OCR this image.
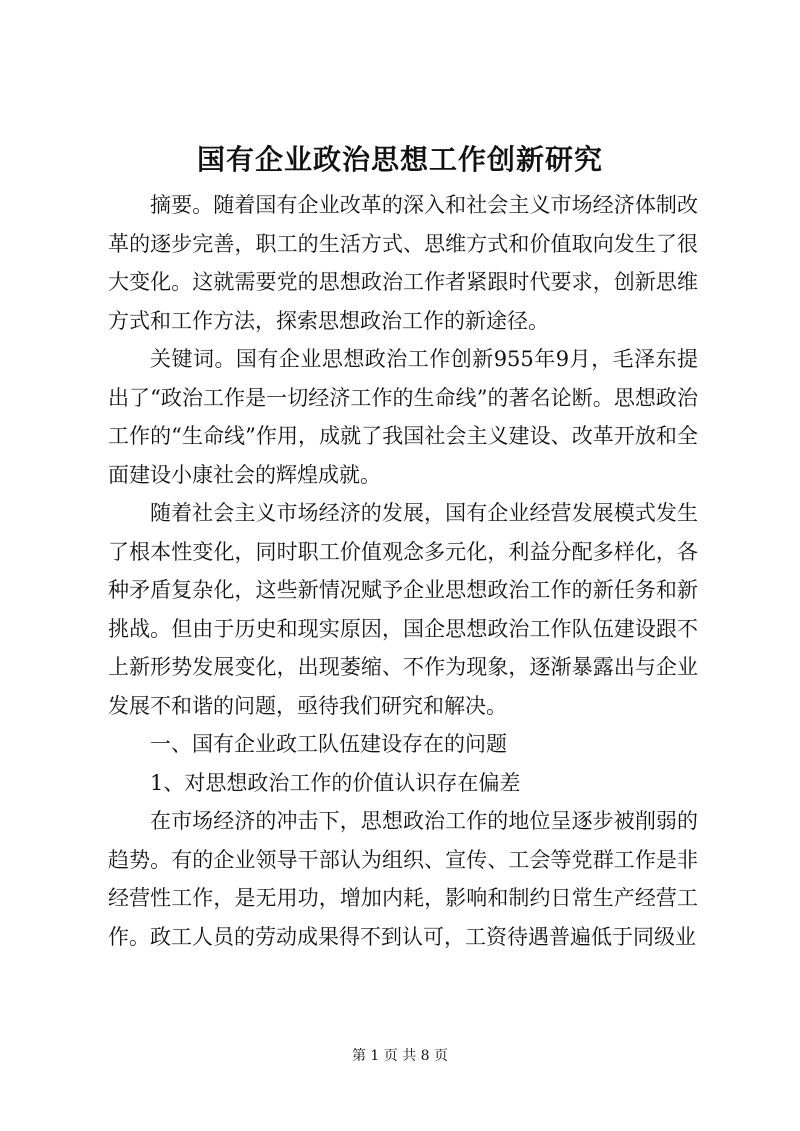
国有企业政治思想工作创新研究

摘要。随着国有企业改革的深入和社会主义市场经济体制改革的逐步完善，职工的生活方式、思维方式和价值取向发生了很大变化。这就需要党的思想政治工作者紧跟时代要求，创新思维方式和工作方法，探索思想政治工作的新途径。

关键词。国有企业思想政治工作创新955年9月，毛泽东提出了“政治工作是一切经济工作的生命线”的著名论断。思想政治工作的“生命线”作用，成就了我国社会主义建设、改革开放和全面建设小康社会的辉煌成就。

随着社会主义市场经济的发展，国有企业经营发展模式发生了根本性变化，同时职工价值观念多元化，利益分配多样化，各种矛盾复杂化，这些新情况赋予企业思想政治工作的新任务和新挑战。但由于历史和现实原因，国企思想政治工作队伍建设跟不上新形势发展变化，出现萎缩、不作为现象，逐渐暴露出与企业发展不和谐的问题，亟待我们研究和解决。

一、国有企业政工队伍建设存在的问题

1、对思想政治工作的价值认识存在偏差

在市场经济的冲击下，思想政治工作的地位呈逐步被削弱的趋势。有的企业领导干部认为组织、宣传、工会等党群工作是非经营性工作，是无用功，增加内耗，影响和制约日常生产经营工作。政工人员的劳动成果得不到认可，工资待遇普遍低于同级业

第 1 页 共 8 页
